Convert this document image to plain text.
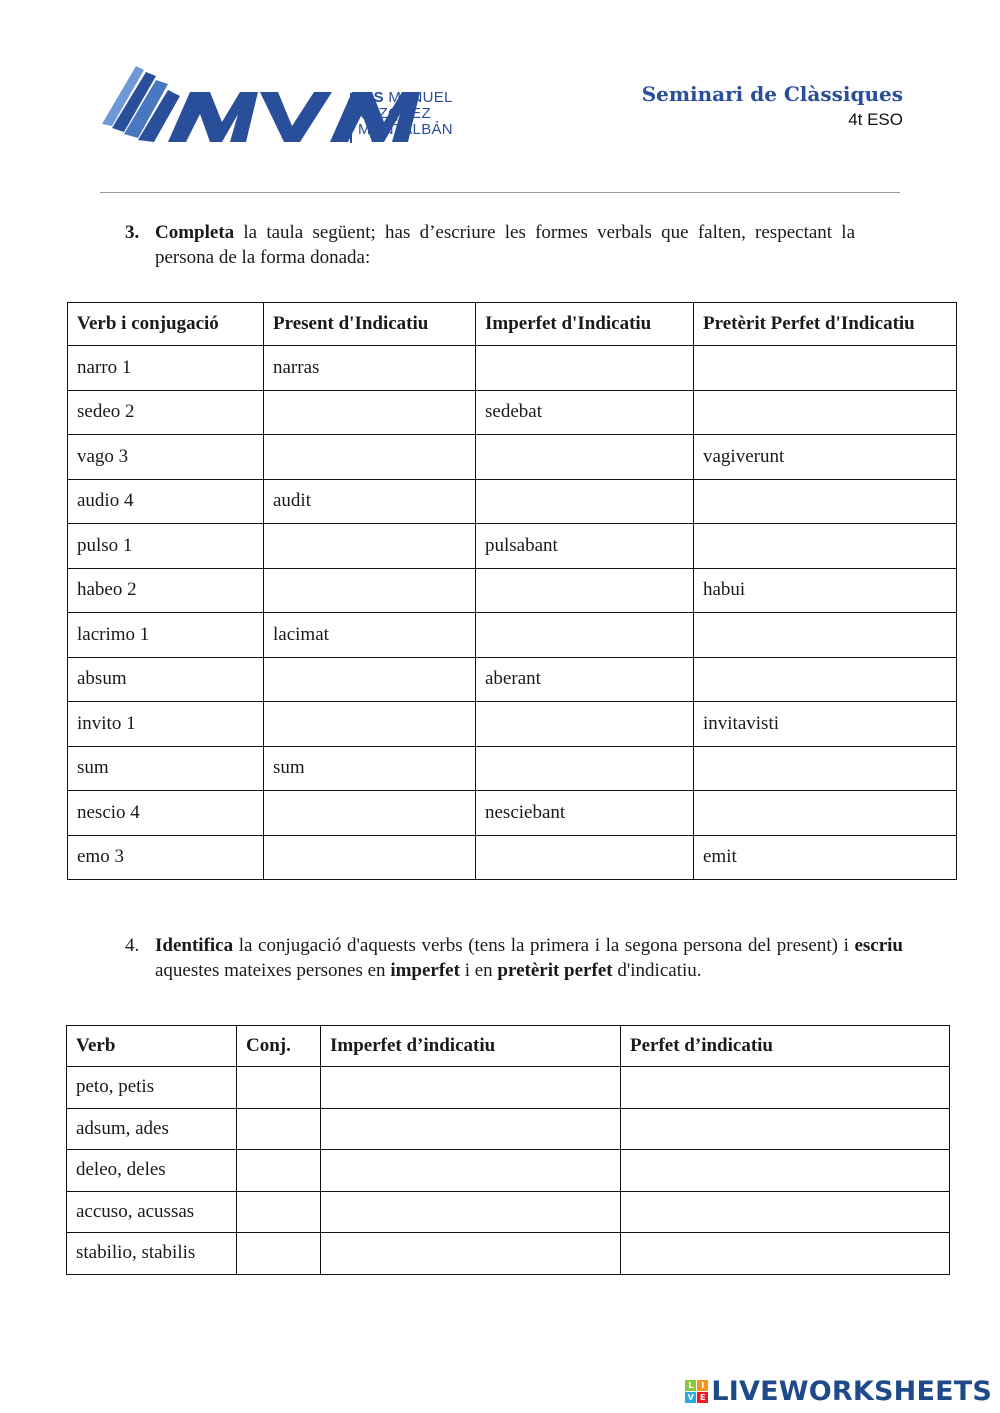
INS MANUEL
VÁZQUEZ
MONTALBÁN
Seminari de Clàssiques
4t ESO
3. Completa la taula següent; has d’escriure les formes verbals que falten, respectant la persona de la forma donada:

Verb i conjugació	Present d'Indicatiu	Imperfet d'Indicatiu	Pretèrit Perfet d'Indicatiu
narro 1	narras		
sedeo 2		sedebat	
vago 3			vagiverunt
audio 4	audit		
pulso 1		pulsabant	
habeo 2			habui
lacrimo 1	lacimat		
absum		aberant	
invito 1			invitavisti
sum	sum		
nescio 4		nesciebant	
emo 3			emit
4. Identifica la conjugació d'aquests verbs (tens la primera i la segona persona del present) i escriu aquestes mateixes persones en imperfet i en pretèrit perfet d'indicatiu.

Verb	Conj.	Imperfet d’indicatiu	Perfet d’indicatiu
peto, petis			
adsum, ades			
deleo, deles			
accuso, acussas			
stabilio, stabilis			
L I
V E LIVEWORKSHEETS
